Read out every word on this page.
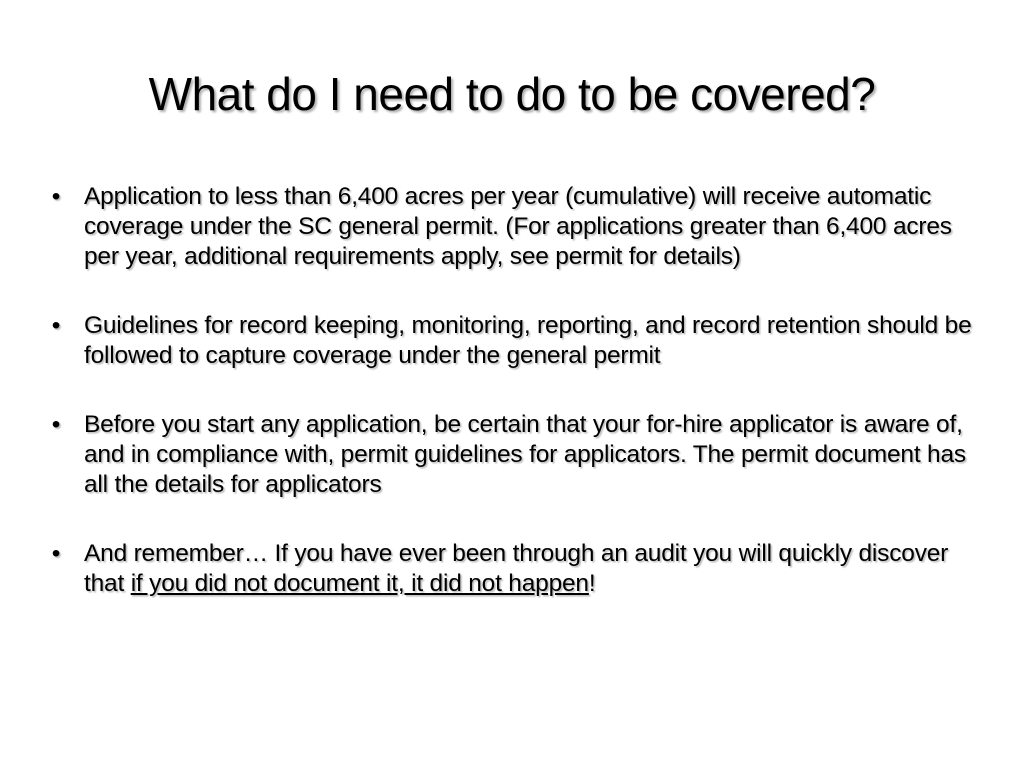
What do I need to do to be covered?
• Application to less than 6,400 acres per year (cumulative) will receive automatic coverage under the SC general permit. (For applications greater than 6,400 acres per year, additional requirements apply, see permit for details)
• Guidelines for record keeping, monitoring, reporting, and record retention should be followed to capture coverage under the general permit
• Before you start any application, be certain that your for-hire applicator is aware of, and in compliance with, permit guidelines for applicators. The permit document has all the details for applicators
• And remember… If you have ever been through an audit you will quickly discover that if you did not document it, it did not happen!
